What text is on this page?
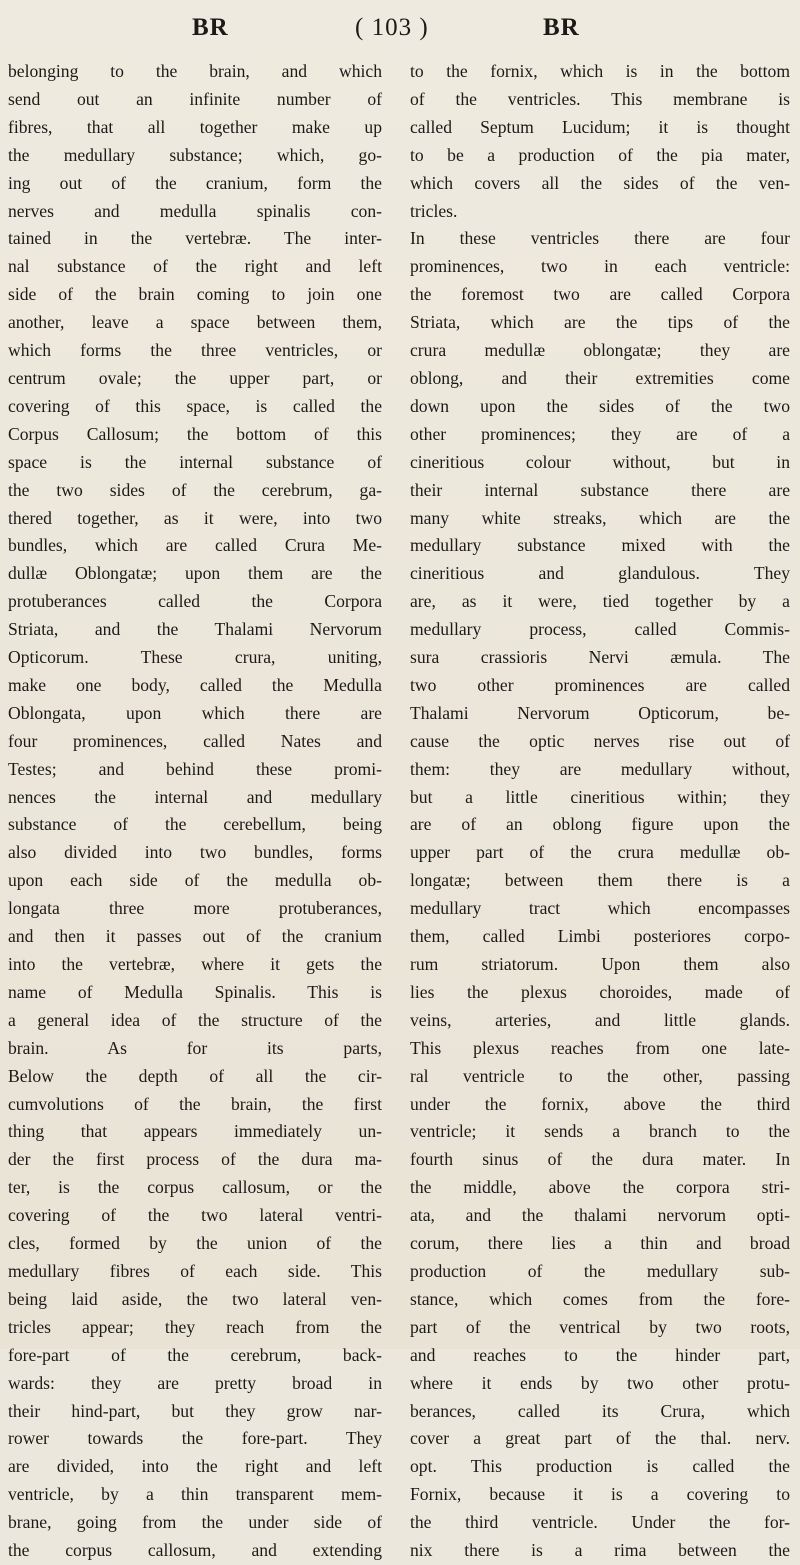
BR	( 103 )	BR
belonging to the brain, and which
send out an infinite number of
fibres, that all together make up
the medullary substance; which, go-
ing out of the cranium, form the
nerves and medulla spinalis con-
tained in the vertebræ. The inter-
nal substance of the right and left
side of the brain coming to join one
another, leave a space between them,
which forms the three ventricles, or
centrum ovale; the upper part, or
covering of this space, is called the
Corpus Callosum; the bottom of this
space is the internal substance of
the two sides of the cerebrum, ga-
thered together, as it were, into two
bundles, which are called Crura Me-
dullæ Oblongatæ; upon them are the
protuberances called the Corpora
Striata, and the Thalami Nervorum
Opticorum. These crura, uniting,
make one body, called the Medulla
Oblongata, upon which there are
four prominences, called Nates and
Testes; and behind these promi-
nences the internal and medullary
substance of the cerebellum, being
also divided into two bundles, forms
upon each side of the medulla ob-
longata three more protuberances,
and then it passes out of the cranium
into the vertebræ, where it gets the
name of Medulla Spinalis. This is
a general idea of the structure of the
brain. As for its parts,
Below the depth of all the cir-
cumvolutions of the brain, the first
thing that appears immediately un-
der the first process of the dura ma-
ter, is the corpus callosum, or the
covering of the two lateral ventri-
cles, formed by the union of the
medullary fibres of each side. This
being laid aside, the two lateral ven-
tricles appear; they reach from the
fore-part of the cerebrum, back-
wards: they are pretty broad in
their hind-part, but they grow nar-
rower towards the fore-part. They
are divided, into the right and left
ventricle, by a thin transparent mem-
brane, going from the under side of
the corpus callosum, and extending
to the fornix, which is in the bottom
of the ventricles. This membrane is
called Septum Lucidum; it is thought
to be a production of the pia mater,
which covers all the sides of the ven-
tricles.
In these ventricles there are four
prominences, two in each ventricle:
the foremost two are called Corpora
Striata, which are the tips of the
crura medullæ oblongatæ; they are
oblong, and their extremities come
down upon the sides of the two
other prominences; they are of a
cineritious colour without, but in
their internal substance there are
many white streaks, which are the
medullary substance mixed with the
cineritious and glandulous. They
are, as it were, tied together by a
medullary process, called Commis-
sura crassioris Nervi æmula. The
two other prominences are called
Thalami Nervorum Opticorum, be-
cause the optic nerves rise out of
them: they are medullary without,
but a little cineritious within; they
are of an oblong figure upon the
upper part of the crura medullæ ob-
longatæ; between them there is a
medullary tract which encompasses
them, called Limbi posteriores corpo-
rum striatorum. Upon them also
lies the plexus choroides, made of
veins, arteries, and little glands.
This plexus reaches from one late-
ral ventricle to the other, passing
under the fornix, above the third
ventricle; it sends a branch to the
fourth sinus of the dura mater. In
the middle, above the corpora stri-
ata, and the thalami nervorum opti-
corum, there lies a thin and broad
production of the medullary sub-
stance, which comes from the fore-
part of the ventrical by two roots,
and reaches to the hinder part,
where it ends by two other protu-
berances, called its Crura, which
cover a great part of the thal. nerv.
opt. This production is called the
Fornix, because it is a covering to
the third ventricle. Under the for-
nix there is a rima between the
